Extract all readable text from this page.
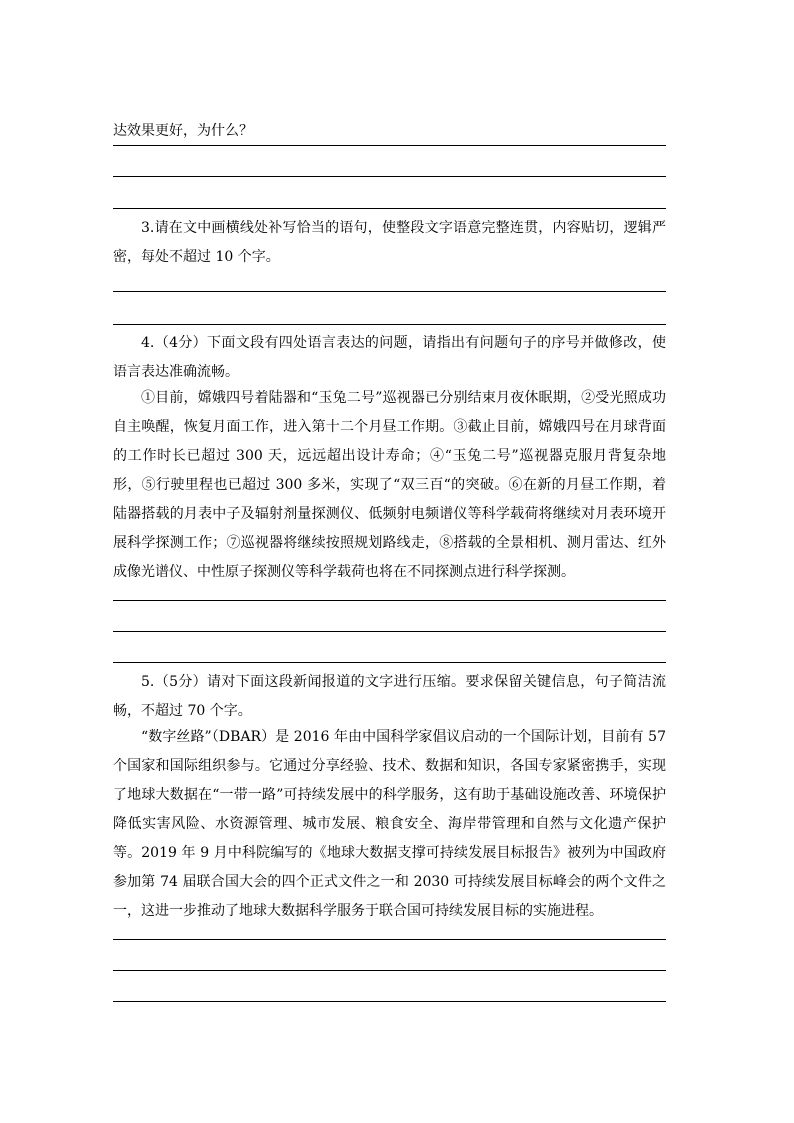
达效果更好，为什么？

3.请在文中画横线处补写恰当的语句，使整段文字语意完整连贯，内容贴切，逻辑严密，每处不超过 10 个字。

4.（4分）下面文段有四处语言表达的问题，请指出有问题句子的序号并做修改，使语言表达准确流畅。

①目前，嫦娥四号着陆器和“玉兔二号”巡视器已分别结束月夜休眠期，②受光照成功自主唤醒，恢复月面工作，进入第十二个月昼工作期。③截止目前，嫦娥四号在月球背面的工作时长已超过 300 天，远远超出设计寿命；④“玉兔二号”巡视器克服月背复杂地形，⑤行驶里程也已超过 300 多米，实现了“双三百“的突破。⑥在新的月昼工作期，着陆器搭载的月表中子及辐射剂量探测仪、低频射电频谱仪等科学载荷将继续对月表环境开展科学探测工作；⑦巡视器将继续按照规划路线走，⑧搭载的全景相机、测月雷达、红外成像光谱仪、中性原子探测仪等科学载荷也将在不同探测点进行科学探测。

5.（5分）请对下面这段新闻报道的文字进行压缩。要求保留关键信息，句子简洁流畅，不超过 70 个字。

“数字丝路”（DBAR）是 2016 年由中国科学家倡议启动的一个国际计划，目前有 57 个国家和国际组织参与。它通过分享经验、技术、数据和知识，各国专家紧密携手，实现了地球大数据在“一带一路”可持续发展中的科学服务，这有助于基础设施改善、环境保护降低实害风险、水资源管理、城市发展、粮食安全、海岸带管理和自然与文化遗产保护等。2019 年 9 月中科院编写的《地球大数据支撑可持续发展目标报告》被列为中国政府参加第 74 届联合国大会的四个正式文件之一和 2030 可持续发展目标峰会的两个文件之一，这进一步推动了地球大数据科学服务于联合国可持续发展目标的实施进程。
